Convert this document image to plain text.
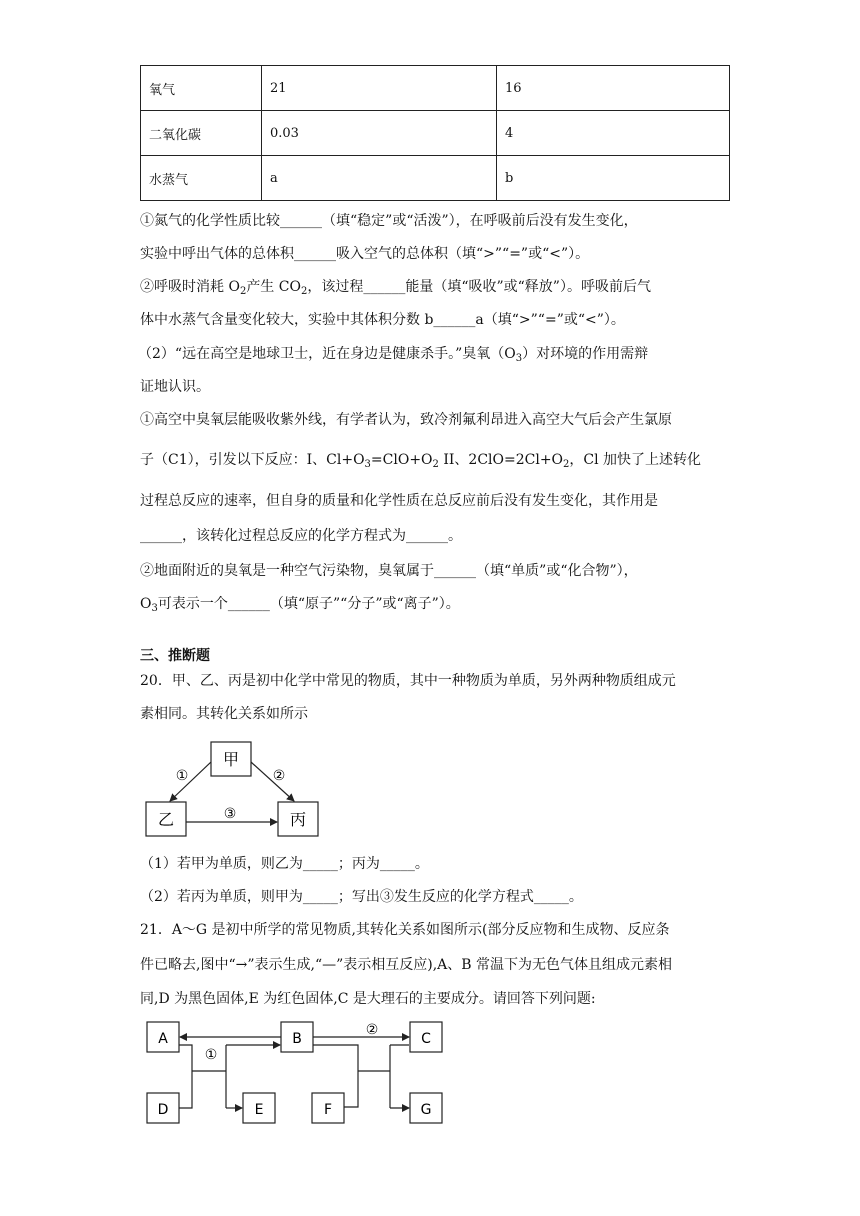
氧气	21	16
二氧化碳	0.03	4
水蒸气	a	b
①氮气的化学性质比较______（填“稳定”或“活泼”），在呼吸前后没有发生变化，
实验中呼出气体的总体积______吸入空气的总体积（填“>”“=”或“<”）。
②呼吸时消耗 $O_2$产生 $CO_2$，该过程______能量（填“吸收”或“释放”）。呼吸前后气
体中水蒸气含量变化较大，实验中其体积分数 b______a（填“>”“=”或“<”）。
（2）“远在高空是地球卫士，近在身边是健康杀手。”臭氧$(O_3)$对环境的作用需辩
证地认识。
①高空中臭氧层能吸收紫外线，有学者认为，致冷剂氟利昂进入高空大气后会产生氯原
子（C1），引发以下反应：I、$Cl+O_3=ClO+O_2$ II、$2ClO=2Cl+O_2$，Cl 加快了上述转化
过程总反应的速率，但自身的质量和化学性质在总反应前后没有发生变化，其作用是
______，该转化过程总反应的化学方程式为______。
②地面附近的臭氧是一种空气污染物，臭氧属于______（填“单质”或“化合物”），
$O_3$可表示一个______（填“原子”“分子”或“离子”）。
三、推断题
20．甲、乙、丙是初中化学中常见的物质，其中一种物质为单质，另外两种物质组成元
素相同。其转化关系如所示
甲
乙	丙
①	②
③
（1）若甲为单质，则乙为_____；丙为_____。
（2）若丙为单质，则甲为_____；写出③发生反应的化学方程式_____。
21．A～G 是初中所学的常见物质,其转化关系如图所示(部分反应物和生成物、反应条
件已略去,图中“→”表示生成,“—”表示相互反应),A、B 常温下为无色气体且组成元素相
同,D 为黑色固体,E 为红色固体,C 是大理石的主要成分。请回答下列问题:
A	B	C
D	E	F	G
①
②
